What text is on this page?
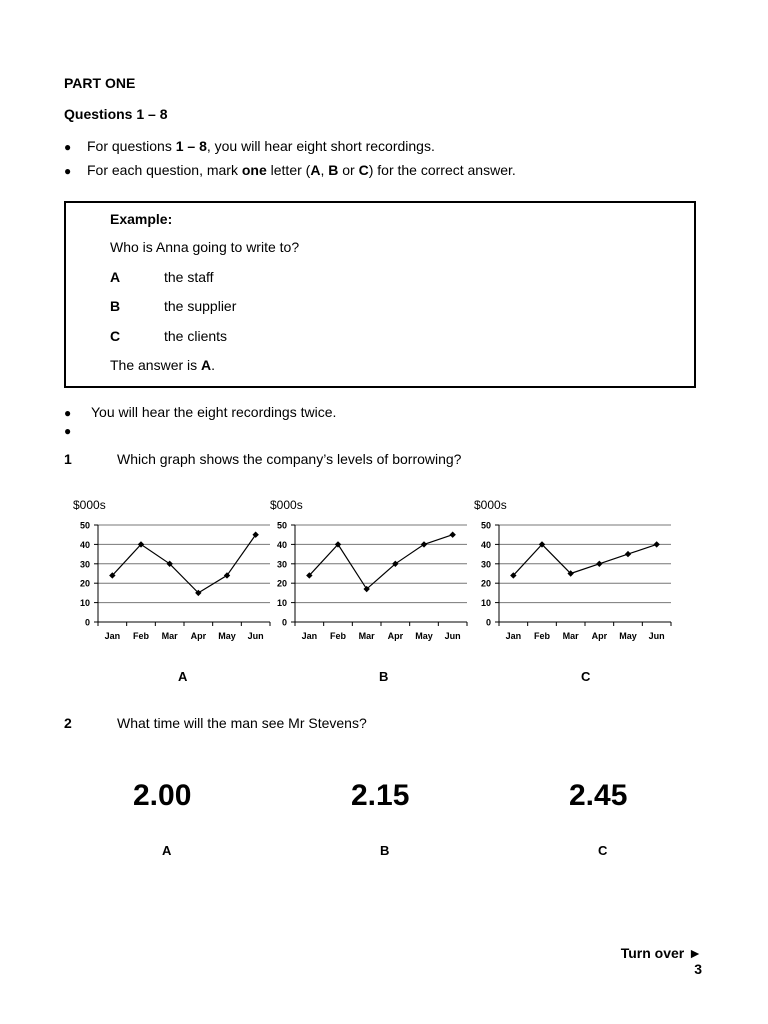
PART ONE
Questions 1 – 8
● For questions 1 – 8, you will hear eight short recordings.
● For each question, mark one letter (A, B or C) for the correct answer.
Example:
Who is Anna going to write to?
A	the staff
B	the supplier
C	the clients
The answer is A.
● You will hear the eight recordings twice.
●
1	Which graph shows the company’s levels of borrowing?
$000s
0
10
20
30
40
50
Jan Feb Mar Apr May Jun
$000s
0
10
20
30
40
50
Jan Feb Mar Apr May Jun
$000s
0
10
20
30
40
50
Jan Feb Mar Apr May Jun
A	B	C
2	What time will the man see Mr Stevens?
2.00	2.15	2.45
A	B	C
Turn over ►
3
